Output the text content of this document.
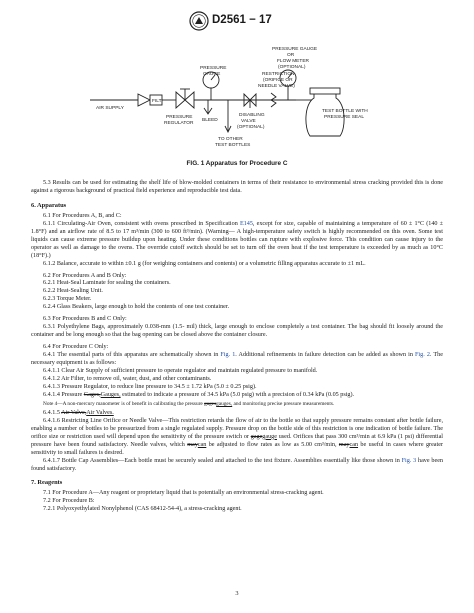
D2561 − 17
AIR SUPPLY
FILT
PRESSURE GAUGE
PRESSURE REGULATOR
BLEED
TO OTHER TEST BOTTLES
DISABLING VALVE (OPTIONAL)
RESTRICTION (ORIFICE OR NEEDLE VALVE)
PRESSURE GAUGE OR FLOW METER (OPTIONAL)
TEST BOTTLE WITH PRESSURE SEAL
FIG. 1 Apparatus for Procedure C

5.3 Results can be used for estimating the shelf life of blow-molded containers in terms of their resistance to environmental stress cracking provided this is done against a rigorous background of practical field experience and reproducible test data.

6. Apparatus

6.1 For Procedures A, B, and C:

6.1.1 Circulating-Air Oven, consistent with ovens prescribed in Specification E145, except for size, capable of maintaining a temperature of 60 ± 1°C (140 ± 1.8°F) and an airflow rate of 8.5 to 17 m³/min (300 to 600 ft³/min). (Warning— A high-temperature safety switch is highly recommended on this oven. Some test liquids can cause extreme pressure buildup upon heating. Under these conditions bottles can rupture with explosive force. This condition can cause injury to the operator as well as damage to the ovens. The override cutoff switch should be set to turn off the oven heat if the test temperature is exceeded by as much as 10°C (18°F).)

6.1.2 Balance, accurate to within ±0.1 g (for weighing containers and contents) or a volumetric filling apparatus accurate to ±1 mL.

6.2 For Procedures A and B Only:

6.2.1 Heat-Seal Laminate for sealing the containers.

6.2.2 Heat-Sealing Unit.

6.2.3 Torque Meter.

6.2.4 Glass Beakers, large enough to hold the contents of one test container.

6.3 For Procedures B and C Only:

6.3.1 Polyethylene Bags, approximately 0.038-mm (1.5- mil) thick, large enough to enclose completely a test container. The bag should fit loosely around the container and be long enough so that the bag opening can be closed above the container closure.

6.4 For Procedure C Only:

6.4.1 The essential parts of this apparatus are schematically shown in Fig. 1. Additional refinements in failure detection can be added as shown in Fig. 2. The necessary equipment is as follows:

6.4.1.1 Clear Air Supply of sufficient pressure to operate regulator and maintain regulated pressure to manifold.

6.4.1.2 Air Filter, to remove oil, water, dust, and other contaminants.

6.4.1.3 Pressure Regulator, to reduce line pressure to 34.5 ± 1.72 kPa (5.0 ± 0.25 psig).

6.4.1.4 Pressure Gages,Gauges, estimated to indicate a pressure of 34.5 kPa (5.0 psig) with a precision of 0.34 kPa (0.05 psig).

Note 4—A non-mercury manometer is of benefit in calibrating the pressure gagesgauges, and monitoring precise pressure measurements.

6.4.1.5 Air Valve,Air Valves.

6.4.1.6 Restricting Line Orifice or Needle Valve—This restriction retards the flow of air to the bottle so that supply pressure remains constant after bottle failure, enabling a number of bottles to be pressurized from a single regulated supply. Pressure drop on the bottle side of this restriction is one indication of bottle failure. The orifice size or restriction used will depend upon the sensitivity of the pressure switch or gagegauge used. Orifices that pass 300 cm³/min at 6.9 kPa (1 psi) differential pressure have been found satisfactory. Needle valves, which maycan be adjusted to flow rates as low as 5.00 cm³/min, maycan be useful in cases where greater sensitivity to small failures is desired.

6.4.1.7 Bottle Cap Assemblies—Each bottle must be securely sealed and attached to the test fixture. Assemblies essentially like those shown in Fig. 3 have been found satisfactory.

7. Reagents

7.1 For Procedure A—Any reagent or proprietary liquid that is potentially an environmental stress-cracking agent.

7.2 For Procedure B:

7.2.1 Polyoxyethylated Nonylphenol (CAS 68412-54-4), a stress-cracking agent.

3
